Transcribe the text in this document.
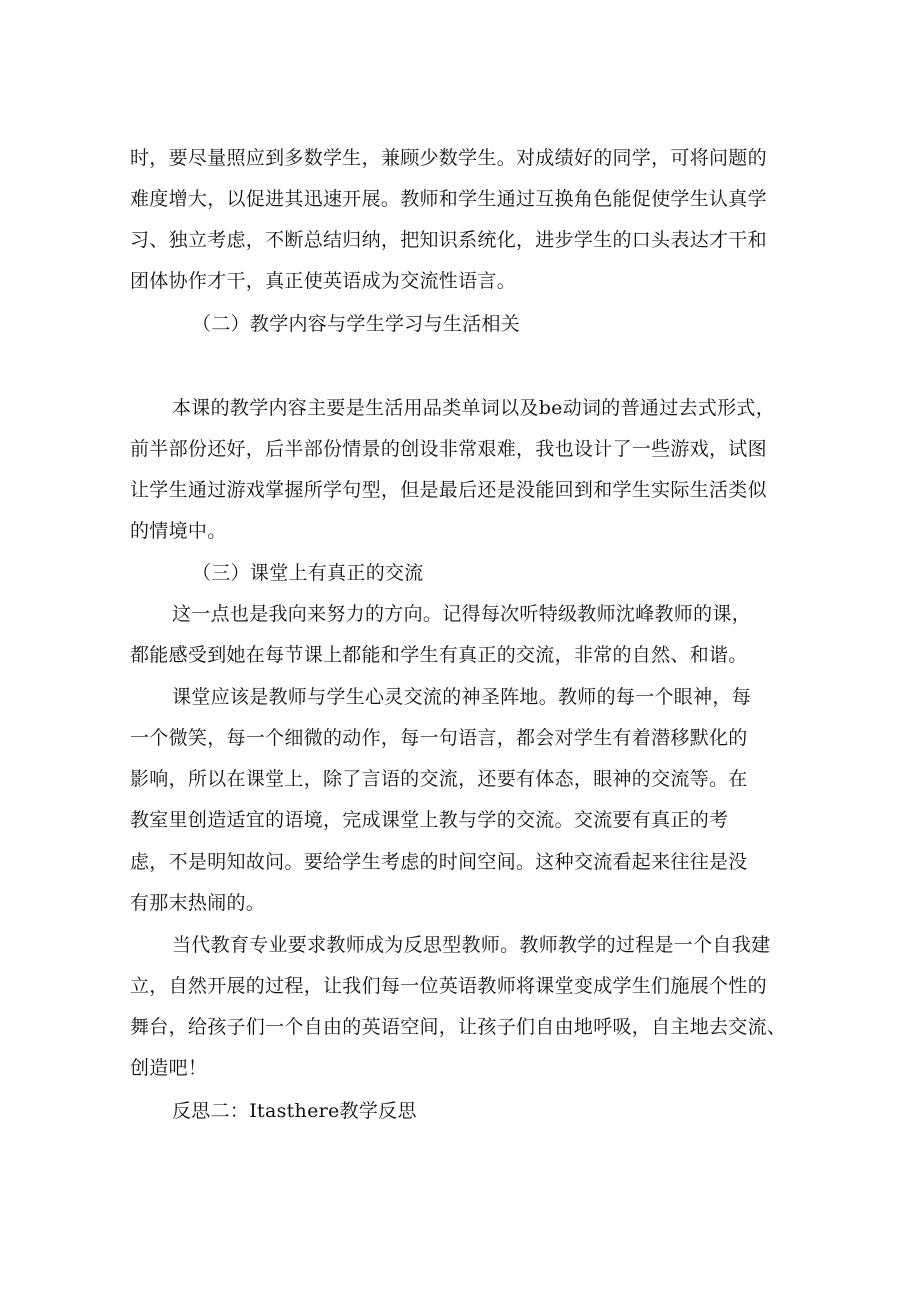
时，要尽量照应到多数学生，兼顾少数学生。对成绩好的同学，可将问题的
难度增大，以促进其迅速开展。教师和学生通过互换角色能促使学生认真学
习、独立考虑，不断总结归纳，把知识系统化，进步学生的口头表达才干和
团体协作才干，真正使英语成为交流性语言。
（二）教学内容与学生学习与生活相关
本课的教学内容主要是生活用品类单词以及be动词的普通过去式形式，
前半部份还好，后半部份情景的创设非常艰难，我也设计了一些游戏，试图
让学生通过游戏掌握所学句型，但是最后还是没能回到和学生实际生活类似
的情境中。
（三）课堂上有真正的交流
这一点也是我向来努力的方向。记得每次听特级教师沈峰教师的课，
都能感受到她在每节课上都能和学生有真正的交流，非常的自然、和谐。
课堂应该是教师与学生心灵交流的神圣阵地。教师的每一个眼神，每
一个微笑，每一个细微的动作，每一句语言，都会对学生有着潜移默化的
影响，所以在课堂上，除了言语的交流，还要有体态，眼神的交流等。在
教室里创造适宜的语境，完成课堂上教与学的交流。交流要有真正的考
虑，不是明知故问。要给学生考虑的时间空间。这种交流看起来往往是没
有那末热闹的。
当代教育专业要求教师成为反思型教师。教师教学的过程是一个自我建
立，自然开展的过程，让我们每一位英语教师将课堂变成学生们施展个性的
舞台，给孩子们一个自由的英语空间，让孩子们自由地呼吸，自主地去交流、
创造吧！
反思二：Itasthere教学反思
